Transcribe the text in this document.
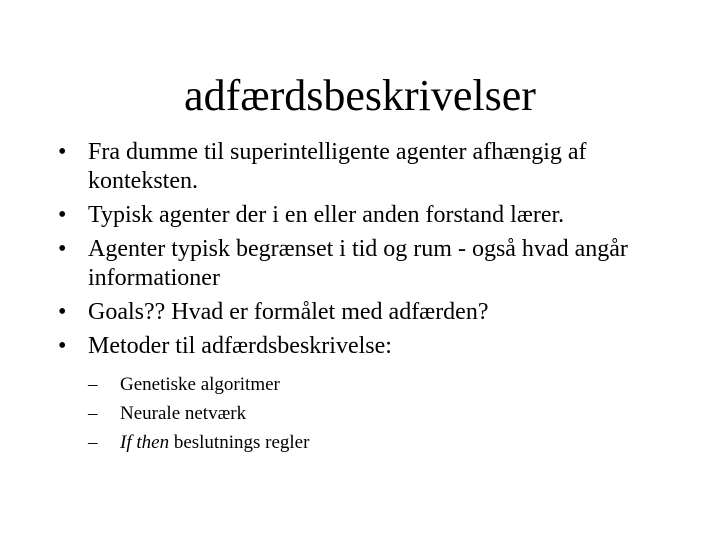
adfærdsbeskrivelser
• Fra dumme til superintelligente agenter afhængig af konteksten.
• Typisk agenter der i en eller anden forstand lærer.
• Agenter typisk begrænset i tid og rum - også hvad angår informationer
• Goals?? Hvad er formålet med adfærden?
• Metoder til adfærdsbeskrivelse:
– Genetiske algoritmer
– Neurale netværk
– If then beslutnings regler
